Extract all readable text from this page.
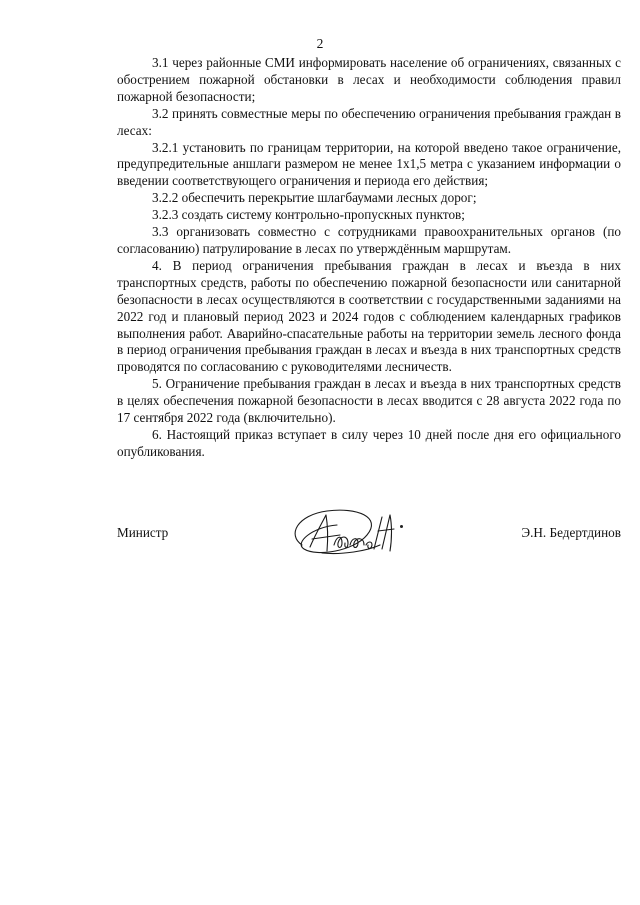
2

3.1 через районные СМИ информировать население об ограничениях, связанных с обострением пожарной обстановки в лесах и необходимости соблюдения правил пожарной безопасности;

3.2 принять совместные меры по обеспечению ограничения пребывания граждан в лесах:

3.2.1 установить по границам территории, на которой введено такое ограничение, предупредительные аншлаги размером не менее 1х1,5 метра с указанием информации о введении соответствующего ограничения и периода его действия;

3.2.2 обеспечить перекрытие шлагбаумами лесных дорог;

3.2.3 создать систему контрольно-пропускных пунктов;

3.3 организовать совместно с сотрудниками правоохранительных органов (по согласованию) патрулирование в лесах по утверждённым маршрутам.

4. В период ограничения пребывания граждан в лесах и въезда в них транспортных средств, работы по обеспечению пожарной безопасности или санитарной безопасности в лесах осуществляются в соответствии с государственными заданиями на 2022 год и плановый период 2023 и 2024 годов с соблюдением календарных графиков выполнения работ. Аварийно-спасательные работы на территории земель лесного фонда в период ограничения пребывания граждан в лесах и въезда в них транспортных средств проводятся по согласованию с руководителями лесничеств.

5. Ограничение пребывания граждан в лесах и въезда в них транспортных средств в целях обеспечения пожарной безопасности в лесах вводится с 28 августа 2022 года по 17 сентября 2022 года (включительно).

6. Настоящий приказ вступает в силу через 10 дней после дня его официального опубликования.

Министр	Э.Н. Бедертдинов
